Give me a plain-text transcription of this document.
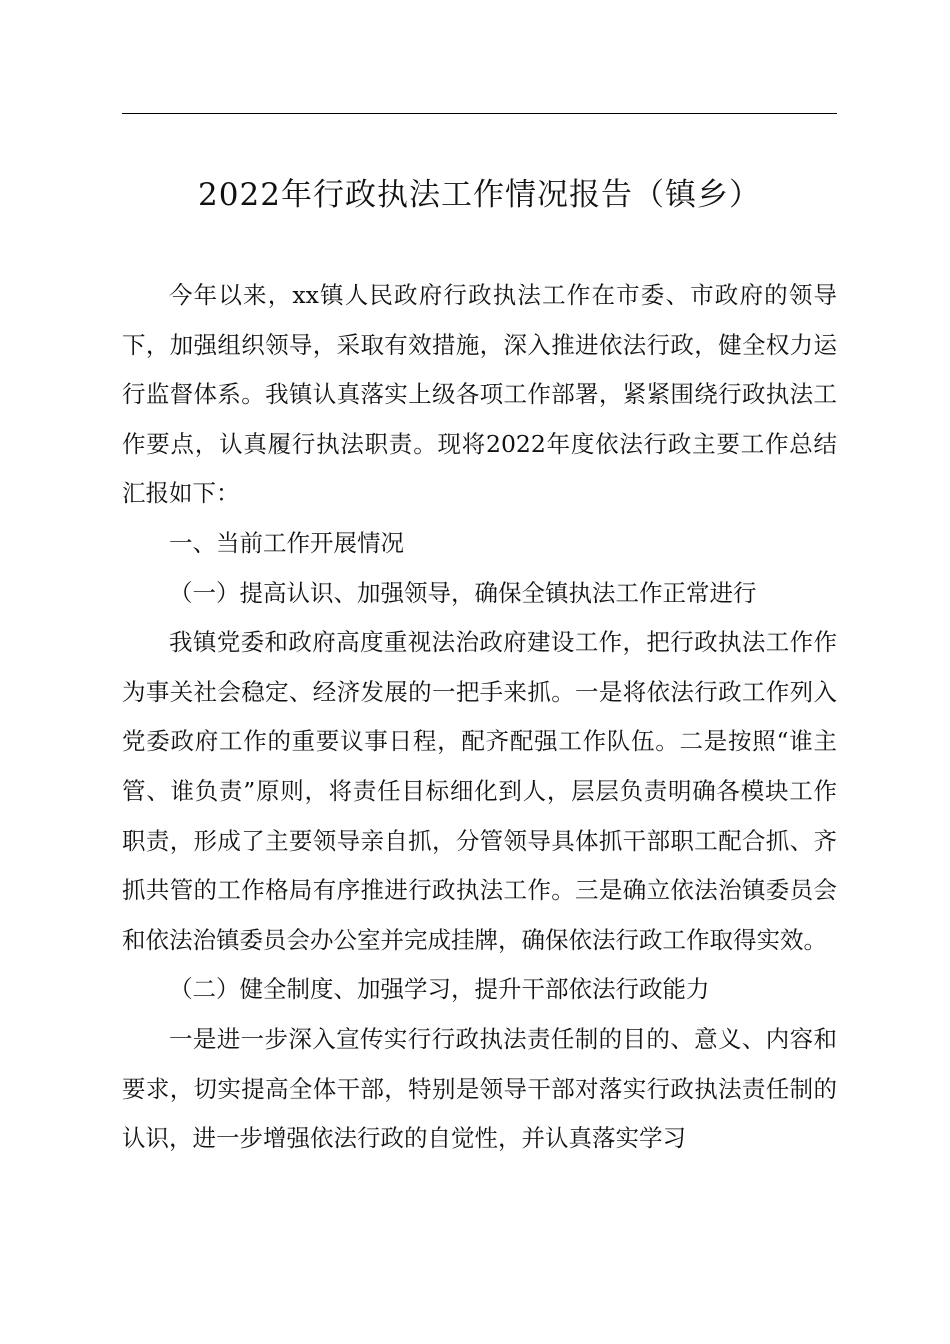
2022年行政执法工作情况报告（镇乡）

今年以来，xx镇人民政府行政执法工作在市委、市政府的领导下，加强组织领导，采取有效措施，深入推进依法行政，健全权力运行监督体系。我镇认真落实上级各项工作部署，紧紧围绕行政执法工作要点，认真履行执法职责。现将2022年度依法行政主要工作总结汇报如下：

一、当前工作开展情况

（一）提高认识、加强领导，确保全镇执法工作正常进行

我镇党委和政府高度重视法治政府建设工作，把行政执法工作作为事关社会稳定、经济发展的一把手来抓。一是将依法行政工作列入党委政府工作的重要议事日程，配齐配强工作队伍。二是按照“谁主管、谁负责”原则，将责任目标细化到人，层层负责明确各模块工作职责，形成了主要领导亲自抓，分管领导具体抓干部职工配合抓、齐抓共管的工作格局有序推进行政执法工作。三是确立依法治镇委员会和依法治镇委员会办公室并完成挂牌，确保依法行政工作取得实效。

（二）健全制度、加强学习，提升干部依法行政能力

一是进一步深入宣传实行行政执法责任制的目的、意义、内容和要求，切实提高全体干部，特别是领导干部对落实行政执法责任制的认识，进一步增强依法行政的自觉性，并认真落实学习
